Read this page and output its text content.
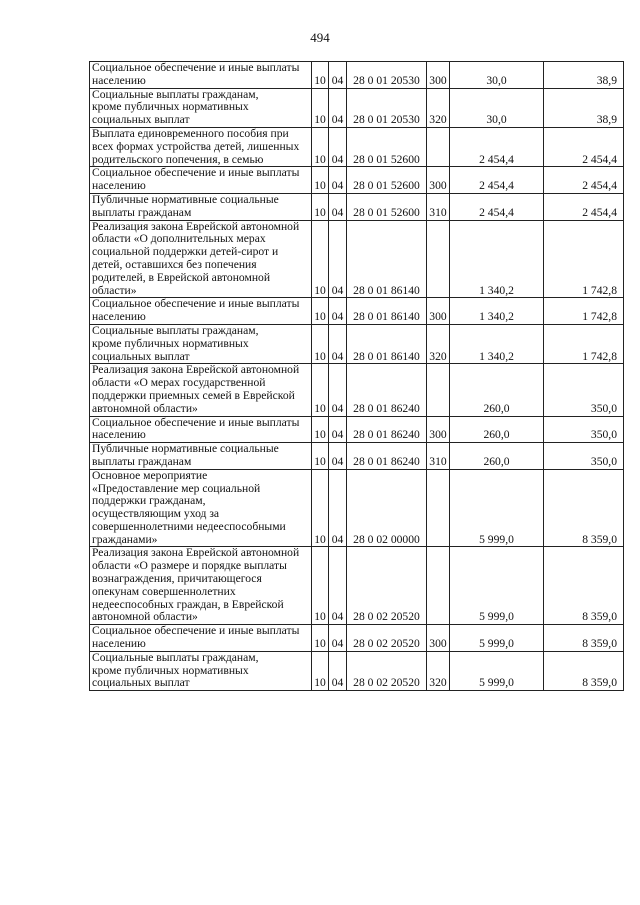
494
Социальное обеспечение и иные выплаты населению	10	04	28 0 01 20530	300	30,0	38,9

Социальные выплаты гражданам, кроме публичных нормативных социальных выплат	10	04	28 0 01 20530	320	30,0	38,9

Выплата единовременного пособия при всех формах устройства детей, лишенных родительского попечения, в семью	10	04	28 0 01 52600		2 454,4	2 454,4

Социальное обеспечение и иные выплаты населению	10	04	28 0 01 52600	300	2 454,4	2 454,4

Публичные нормативные социальные выплаты гражданам	10	04	28 0 01 52600	310	2 454,4	2 454,4

Реализация закона Еврейской автономной области «О дополнительных мерах социальной поддержки детей-сирот и детей, оставшихся без попечения родителей, в Еврейской автономной области»	10	04	28 0 01 86140		1 340,2	1 742,8

Социальное обеспечение и иные выплаты населению	10	04	28 0 01 86140	300	1 340,2	1 742,8

Социальные выплаты гражданам, кроме публичных нормативных социальных выплат	10	04	28 0 01 86140	320	1 340,2	1 742,8

Реализация закона Еврейской автономной области «О мерах государственной поддержки приемных семей в Еврейской автономной области»	10	04	28 0 01 86240		260,0	350,0

Социальное обеспечение и иные выплаты населению	10	04	28 0 01 86240	300	260,0	350,0

Публичные нормативные социальные выплаты гражданам	10	04	28 0 01 86240	310	260,0	350,0

Основное мероприятие «Предоставление мер социальной поддержки гражданам, осуществляющим уход за совершеннолетними недееспособными гражданами»	10	04	28 0 02 00000		5 999,0	8 359,0

Реализация закона Еврейской автономной области «О размере и порядке выплаты вознаграждения, причитающегося опекунам совершеннолетних недееспособных граждан, в Еврейской автономной области»	10	04	28 0 02 20520		5 999,0	8 359,0

Социальное обеспечение и иные выплаты населению	10	04	28 0 02 20520	300	5 999,0	8 359,0

Социальные выплаты гражданам, кроме публичных нормативных социальных выплат	10	04	28 0 02 20520	320	5 999,0	8 359,0
